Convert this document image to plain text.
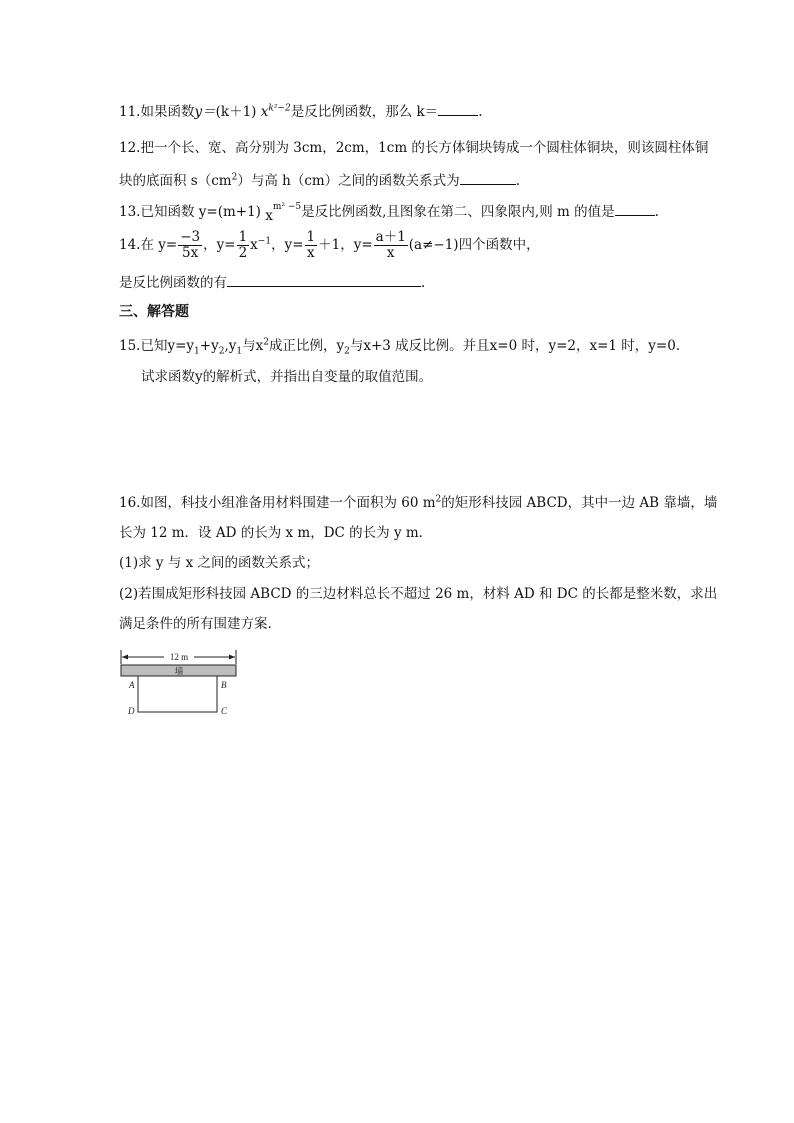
11.如果函数y＝(k＋1) $x^{k^2-2}$是反比例函数，那么 k＝	.
12.把一个长、宽、高分别为 3cm，2cm，1cm 的长方体铜块铸成一个圆柱体铜块，则该圆柱体铜
块的底面积 $s(cm^2)$与高 h（cm）之间的函数关系式为	.
13.已知函数 y=(m+1) $x^{m^2 -5}$是反比例函数,且图象在第二、四象限内,则 m 的值是	.
14.在 $y= \frac{-3}{5x}$ ，$y= \frac{1}{2} x^{-1}$，$y= \frac{1}{x} +1$，$y= \frac{a+1}{x} (a\ne-1)$四个函数中，
是反比例函数的有	.
三、解答题
15.已知$y=y_1+y_2,y_1$与$x^2$成正比例，$y_2$与x+3 成反比例。并且x=0 时，y=2，x=1 时，y=0.
试求函数y的解析式，并指出自变量的取值范围。
16.如图，科技小组准备用材料围建一个面积为 60 $m^2$的矩形科技园 ABCD，其中一边 AB 靠墙，墙
长为 12 m．设 AD 的长为 x m，DC 的长为 y m．
(1)求 y 与 x 之间的函数关系式；
(2)若围成矩形科技园 ABCD 的三边材料总长不超过 26 m，材料 AD 和 DC 的长都是整米数，求出
满足条件的所有围建方案．
12 m
墙
A	B
C
D
